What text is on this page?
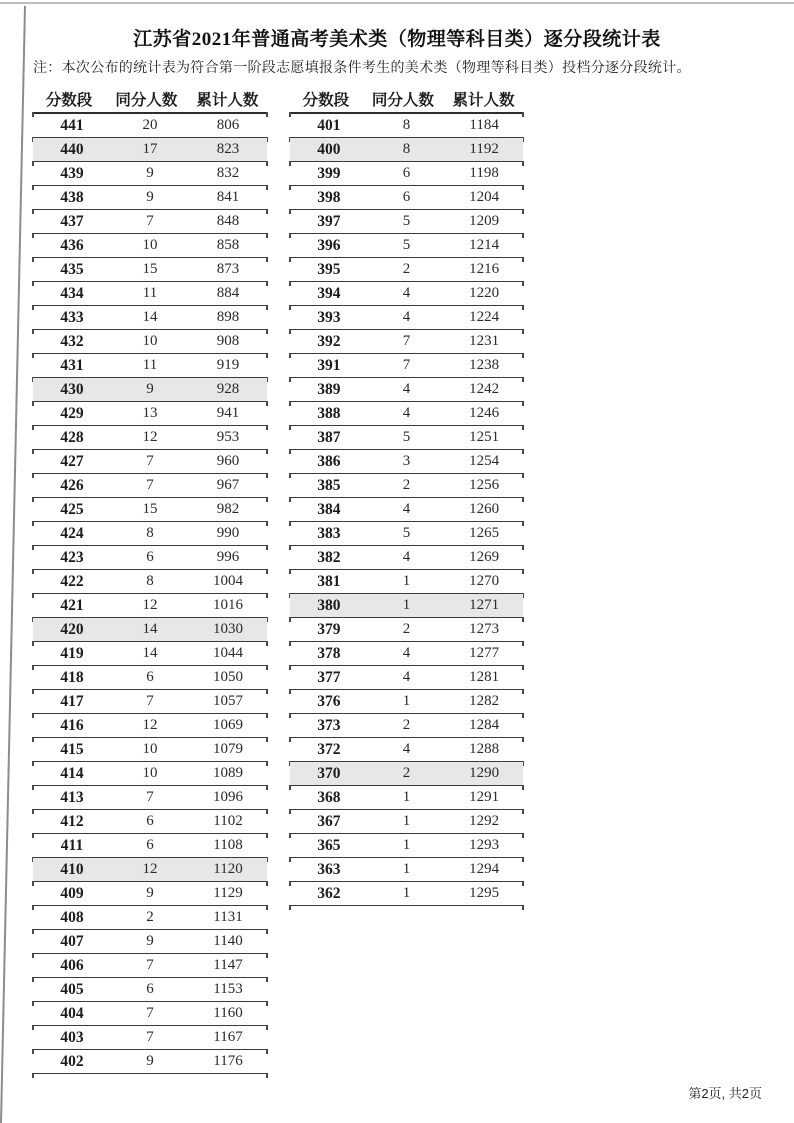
江苏省2021年普通高考美术类（物理等科目类）逐分段统计表

注：本次公布的统计表为符合第一阶段志愿填报条件考生的美术类（物理等科目类）投档分逐分段统计。

分数段	同分人数	累计人数
441	20	806
440	17	823
439	9	832
438	9	841
437	7	848
436	10	858
435	15	873
434	11	884
433	14	898
432	10	908
431	11	919
430	9	928
429	13	941
428	12	953
427	7	960
426	7	967
425	15	982
424	8	990
423	6	996
422	8	1004
421	12	1016
420	14	1030
419	14	1044
418	6	1050
417	7	1057
416	12	1069
415	10	1079
414	10	1089
413	7	1096
412	6	1102
411	6	1108
410	12	1120
409	9	1129
408	2	1131
407	9	1140
406	7	1147
405	6	1153
404	7	1160
403	7	1167
402	9	1176
分数段	同分人数	累计人数
401	8	1184
400	8	1192
399	6	1198
398	6	1204
397	5	1209
396	5	1214
395	2	1216
394	4	1220
393	4	1224
392	7	1231
391	7	1238
389	4	1242
388	4	1246
387	5	1251
386	3	1254
385	2	1256
384	4	1260
383	5	1265
382	4	1269
381	1	1270
380	1	1271
379	2	1273
378	4	1277
377	4	1281
376	1	1282
373	2	1284
372	4	1288
370	2	1290
368	1	1291
367	1	1292
365	1	1293
363	1	1294
362	1	1295
第2页, 共2页
